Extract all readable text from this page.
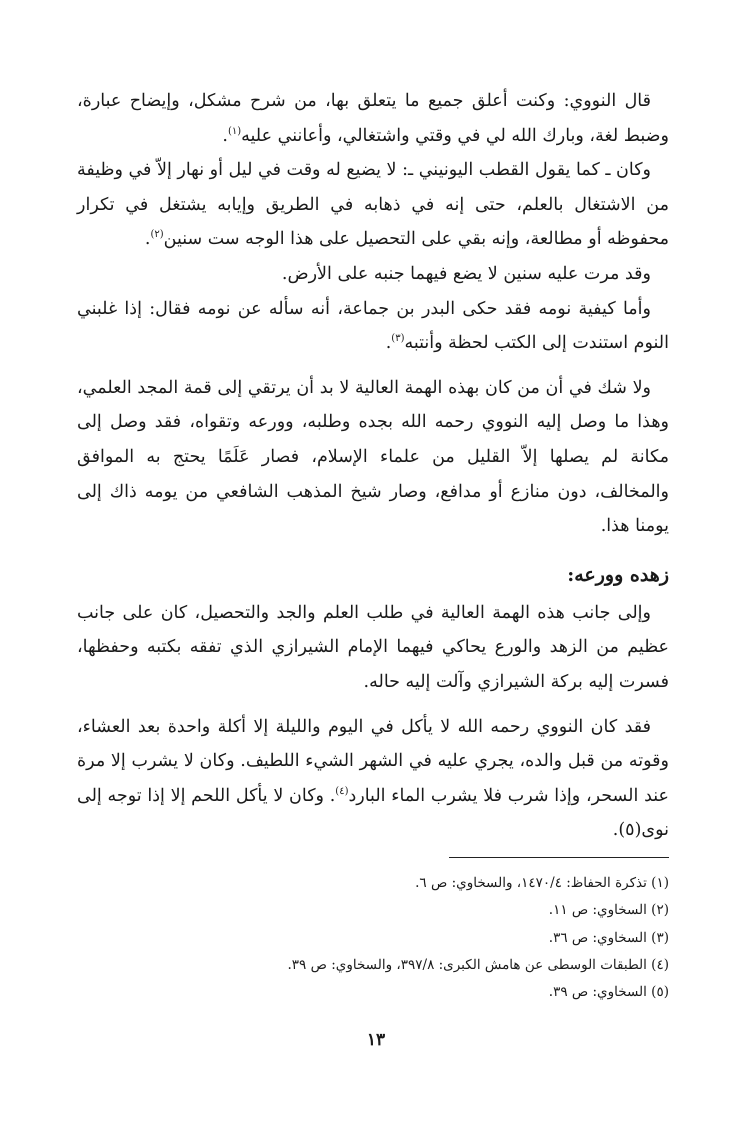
قال النووي: وكنت أعلق جميع ما يتعلق بها، من شرح مشكل، وإيضاح عبارة، وضبط لغة، وبارك الله لي في وقتي واشتغالي، وأعانني عليه$^{(١)}$.

وكان ـ كما يقول القطب اليونيني ـ: لا يضيع له وقت في ليل أو نهار إلاّ في وظيفة من الاشتغال بالعلم، حتى إنه في ذهابه في الطريق وإيابه يشتغل في تكرار محفوظه أو مطالعة، وإنه بقي على التحصيل على هذا الوجه ست سنين$^{(٢)}$.

وقد مرت عليه سنين لا يضع فيهما جنبه على الأرض.

وأما كيفية نومه فقد حكى البدر بن جماعة، أنه سأله عن نومه فقال: إذا غلبني النوم استندت إلى الكتب لحظة وأنتبه$^{(٣)}$.

ولا شك في أن من كان بهذه الهمة العالية لا بد أن يرتقي إلى قمة المجد العلمي، وهذا ما وصل إليه النووي رحمه الله بجده وطلبه، وورعه وتقواه، فقد وصل إلى مكانة لم يصلها إلاّ القليل من علماء الإسلام، فصار عَلَمًا يحتج به الموافق والمخالف، دون منازع أو مدافع، وصار شيخ المذهب الشافعي من يومه ذاك إلى يومنا هذا.

زهده وورعه:

وإلى جانب هذه الهمة العالية في طلب العلم والجد والتحصيل، كان على جانب عظيم من الزهد والورع يحاكي فيهما الإمام الشيرازي الذي تفقه بكتبه وحفظها، فسرت إليه بركة الشيرازي وآلت إليه حاله.

فقد كان النووي رحمه الله لا يأكل في اليوم والليلة إلا أكلة واحدة بعد العشاء، وقوته من قبل والده، يجري عليه في الشهر الشيء اللطيف. وكان لا يشرب إلا مرة عند السحر، وإذا شرب فلا يشرب الماء البارد$^{(٤)}$. وكان لا يأكل اللحم إلا إذا توجه إلى نوى(٥).

(١) تذكرة الحفاظ: ١٤٧٠/٤، والسخاوي: ص ٦.
(٢) السخاوي: ص ١١.
(٣) السخاوي: ص ٣٦.
(٤) الطبقات الوسطى عن هامش الكبرى: ٣٩٧/٨، والسخاوي: ص ٣٩.
(٥) السخاوي: ص ٣٩.
١٣
